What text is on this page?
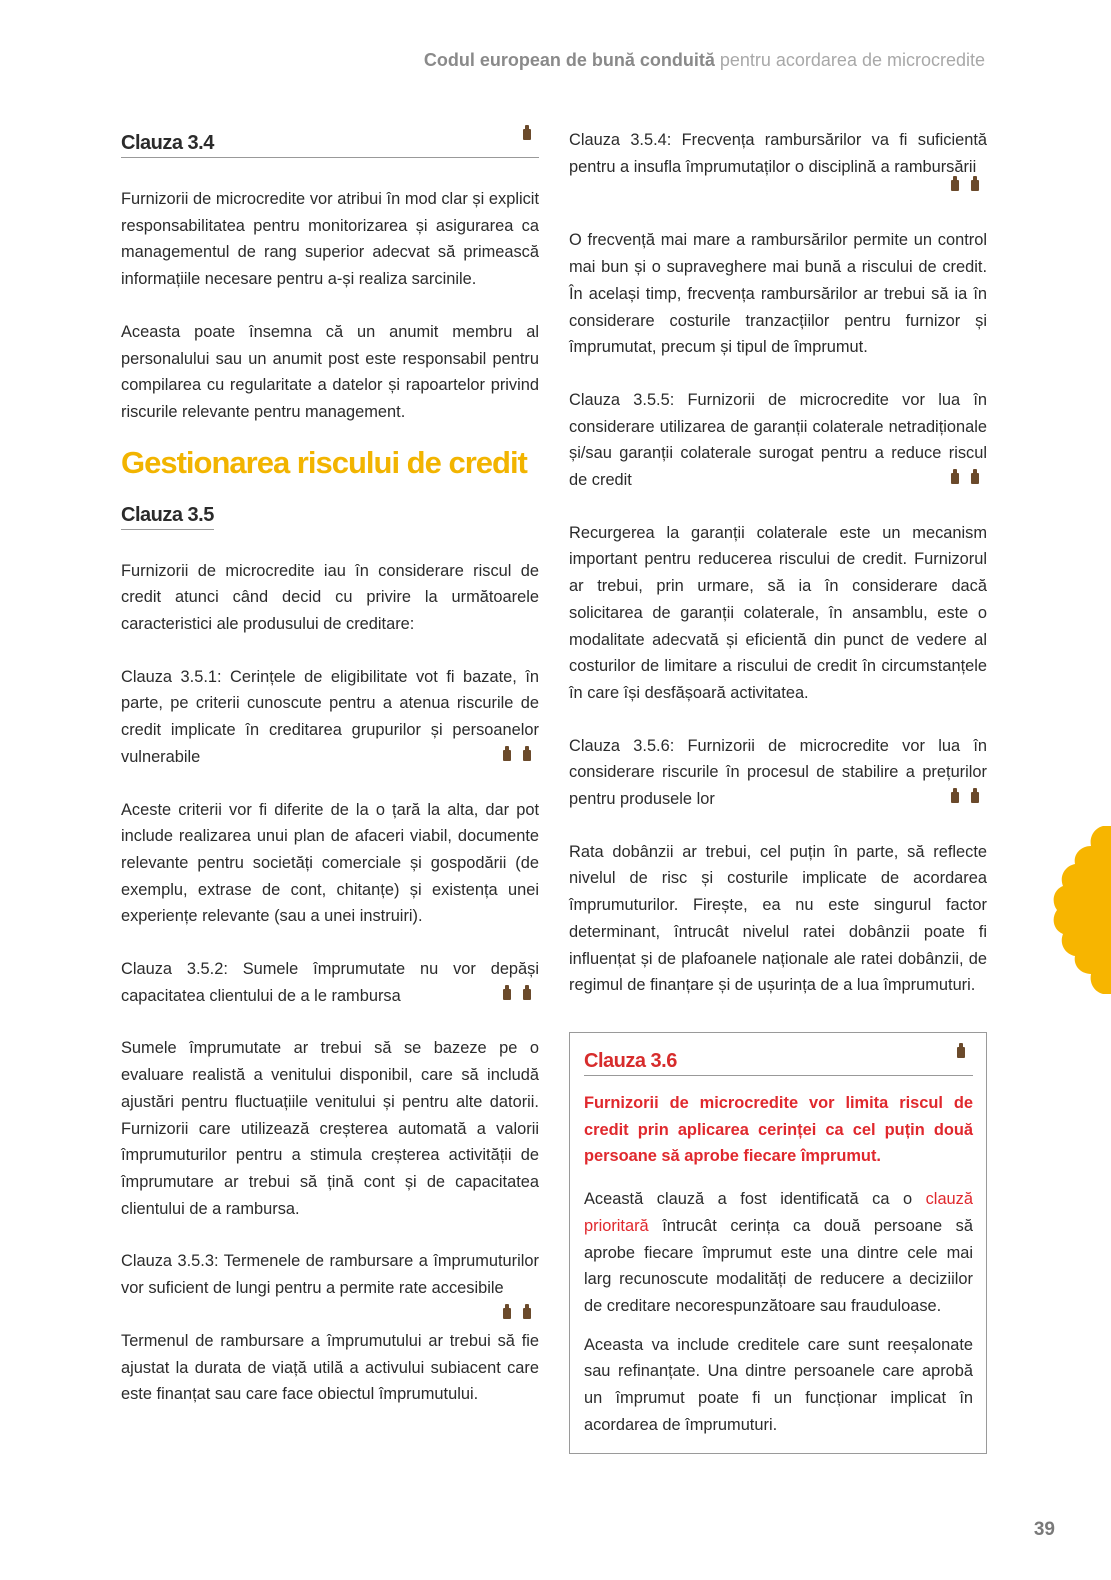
Codul european de bună conduită pentru acordarea de microcredite
Clauza 3.4

Furnizorii de microcredite vor atribui în mod clar și explicit responsabilitatea pentru monitorizarea și asigurarea ca managementul de rang superior adecvat să primească informațiile necesare pentru a-și realiza sarcinile.

Aceasta poate însemna că un anumit membru al personalului sau un anumit post este responsabil pentru compilarea cu regularitate a datelor și rapoartelor privind riscurile relevante pentru management.

Gestionarea riscului de credit
Clauza 3.5

Furnizorii de microcredite iau în considerare riscul de credit atunci când decid cu privire la următoarele caracteristici ale produsului de creditare:

Clauza 3.5.1: Cerințele de eligibilitate vot fi bazate, în parte, pe criterii cunoscute pentru a atenua riscurile de credit implicate în creditarea grupurilor și persoanelor vulnerabile

Aceste criterii vor fi diferite de la o țară la alta, dar pot include realizarea unui plan de afaceri viabil, documente relevante pentru societăți comerciale și gospodării (de exemplu, extrase de cont, chitanțe) și existența unei experiențe relevante (sau a unei instruiri).

Clauza 3.5.2: Sumele împrumutate nu vor depăși capacitatea clientului de a le rambursa

Sumele împrumutate ar trebui să se bazeze pe o evaluare realistă a venitului disponibil, care să includă ajustări pentru fluctuațiile venitului și pentru alte datorii. Furnizorii care utilizează creșterea automată a valorii împrumuturilor pentru a stimula creșterea activității de împrumutare ar trebui să țină cont și de capacitatea clientului de a rambursa.

Clauza 3.5.3: Termenele de rambursare a împrumuturilor vor suficient de lungi pentru a permite rate accesibile

Termenul de rambursare a împrumutului ar trebui să fie ajustat la durata de viață utilă a activului subiacent care este finanțat sau care face obiectul împrumutului.

Clauza 3.5.4: Frecvența rambursărilor va fi suficientă pentru a insufla împrumutaților o disciplină a rambursării

O frecvență mai mare a rambursărilor permite un control mai bun și o supraveghere mai bună a riscului de credit. În același timp, frecvența rambursărilor ar trebui să ia în considerare costurile tranzacțiilor pentru furnizor și împrumutat, precum și tipul de împrumut.

Clauza 3.5.5: Furnizorii de microcredite vor lua în considerare utilizarea de garanții colaterale netradiționale și/sau garanții colaterale surogat pentru a reduce riscul de credit

Recurgerea la garanții colaterale este un mecanism important pentru reducerea riscului de credit. Furnizorul ar trebui, prin urmare, să ia în considerare dacă solicitarea de garanții colaterale, în ansamblu, este o modalitate adecvată și eficientă din punct de vedere al costurilor de limitare a riscului de credit în circumstanțele în care își desfășoară activitatea.

Clauza 3.5.6: Furnizorii de microcredite vor lua în considerare riscurile în procesul de stabilire a prețurilor pentru produsele lor

Rata dobânzii ar trebui, cel puțin în parte, să reflecte nivelul de risc și costurile implicate de acordarea împrumuturilor. Firește, ea nu este singurul factor determinant, întrucât nivelul ratei dobânzii poate fi influențat și de plafoanele naționale ale ratei dobânzii, de regimul de finanțare și de ușurința de a lua împrumuturi.

Clauza 3.6

Furnizorii de microcredite vor limita riscul de credit prin aplicarea cerinței ca cel puțin două persoane să aprobe fiecare împrumut.

Această clauză a fost identificată ca o clauză prioritară întrucât cerința ca două persoane să aprobe fiecare împrumut este una dintre cele mai larg recunoscute modalități de reducere a deciziilor de creditare necorespunzătoare sau frauduloase.

Aceasta va include creditele care sunt reeșalonate sau refinanțate. Una dintre persoanele care aprobă un împrumut poate fi un funcționar implicat în acordarea de împrumuturi.

39
